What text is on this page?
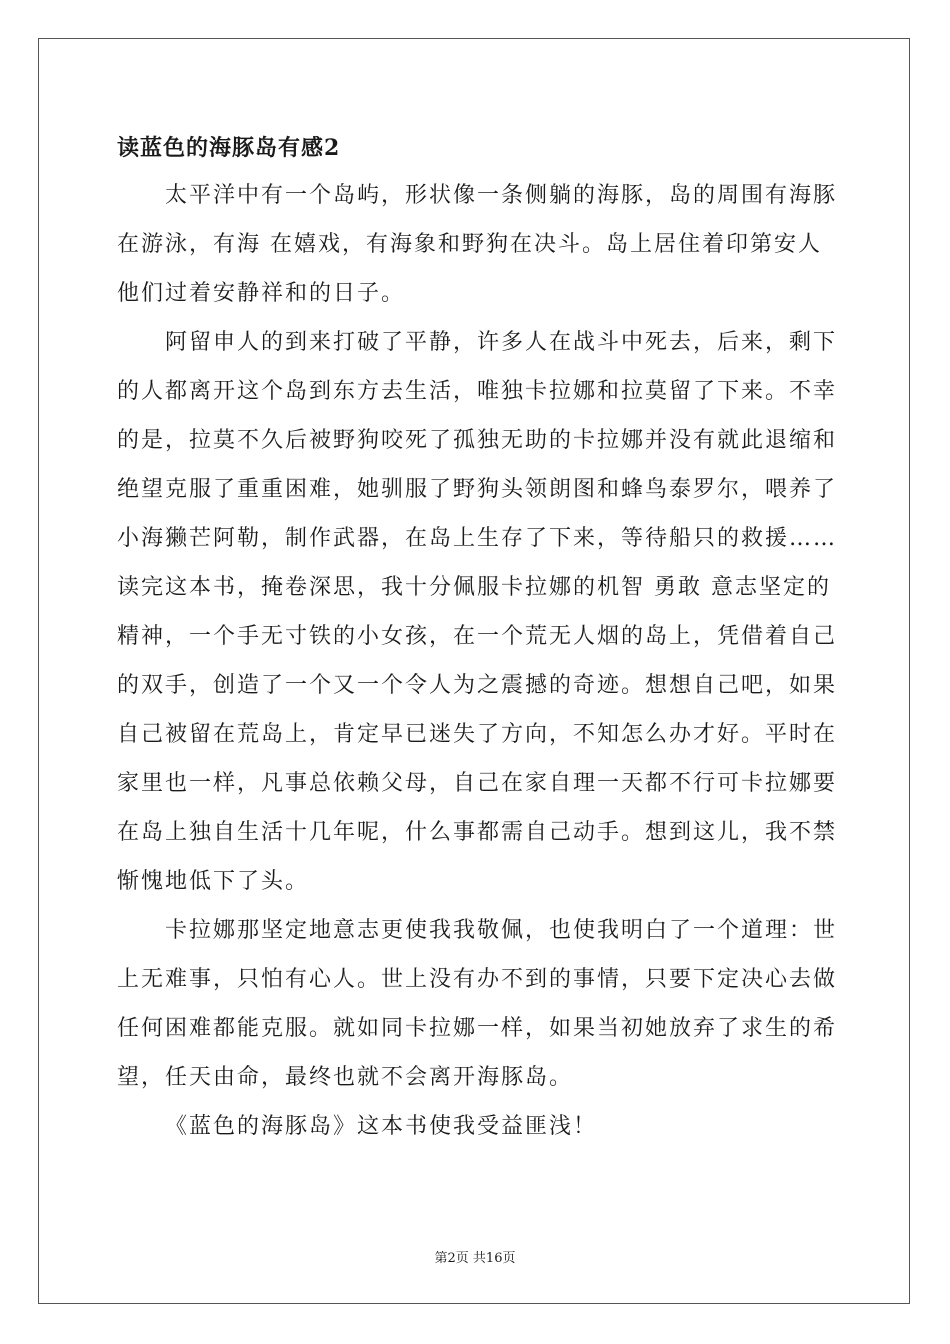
读蓝色的海豚岛有感2
太平洋中有一个岛屿，形状像一条侧躺的海豚，岛的周围有海豚
在游泳，有海 在嬉戏，有海象和野狗在决斗。岛上居住着印第安人
他们过着安静祥和的日子。
阿留申人的到来打破了平静，许多人在战斗中死去，后来，剩下
的人都离开这个岛到东方去生活，唯独卡拉娜和拉莫留了下来。不幸
的是，拉莫不久后被野狗咬死了孤独无助的卡拉娜并没有就此退缩和
绝望克服了重重困难，她驯服了野狗头领朗图和蜂鸟泰罗尔，喂养了
小海獭芒阿勒，制作武器，在岛上生存了下来，等待船只的救援……
读完这本书，掩卷深思，我十分佩服卡拉娜的机智 勇敢 意志坚定的
精神，一个手无寸铁的小女孩，在一个荒无人烟的岛上，凭借着自己
的双手，创造了一个又一个令人为之震撼的奇迹。想想自己吧，如果
自己被留在荒岛上，肯定早已迷失了方向，不知怎么办才好。平时在
家里也一样，凡事总依赖父母，自己在家自理一天都不行可卡拉娜要
在岛上独自生活十几年呢，什么事都需自己动手。想到这儿，我不禁
惭愧地低下了头。
卡拉娜那坚定地意志更使我我敬佩，也使我明白了一个道理：世
上无难事，只怕有心人。世上没有办不到的事情，只要下定决心去做
任何困难都能克服。就如同卡拉娜一样，如果当初她放弃了求生的希
望，任天由命，最终也就不会离开海豚岛。
《蓝色的海豚岛》这本书使我受益匪浅！
第2页 共16页
